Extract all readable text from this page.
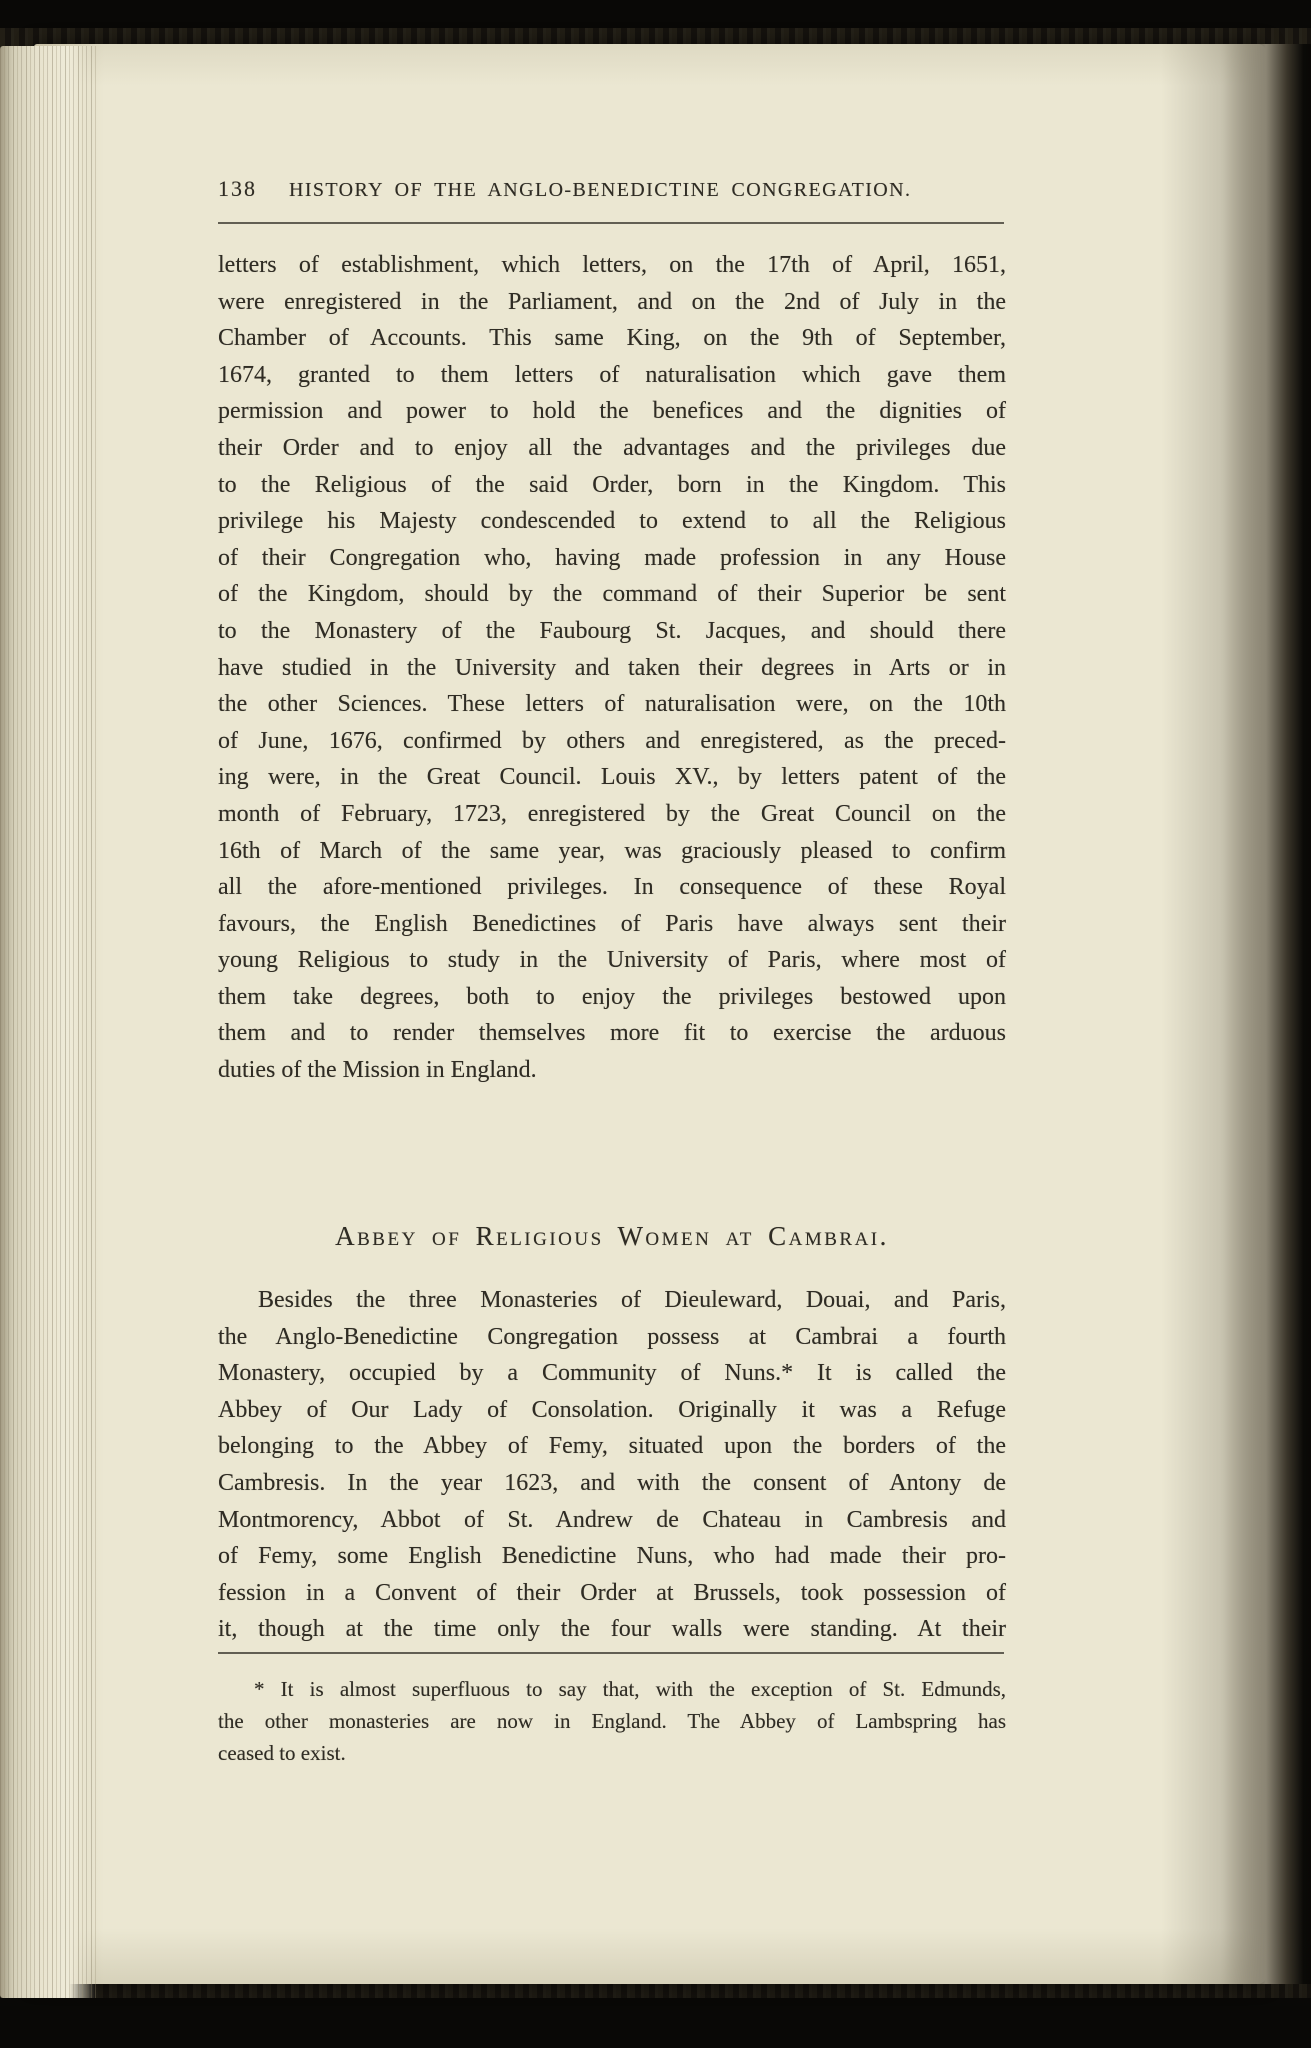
138 HISTORY OF THE ANGLO-BENEDICTINE CONGREGATION.
letters of establishment, which letters, on the 17th of April, 1651,
were enregistered in the Parliament, and on the 2nd of July in the
Chamber of Accounts. This same King, on the 9th of September,
1674, granted to them letters of naturalisation which gave them
permission and power to hold the benefices and the dignities of
their Order and to enjoy all the advantages and the privileges due
to the Religious of the said Order, born in the Kingdom. This
privilege his Majesty condescended to extend to all the Religious
of their Congregation who, having made profession in any House
of the Kingdom, should by the command of their Superior be sent
to the Monastery of the Faubourg St. Jacques, and should there
have studied in the University and taken their degrees in Arts or in
the other Sciences. These letters of naturalisation were, on the 10th
of June, 1676, confirmed by others and enregistered, as the preced-
ing were, in the Great Council. Louis XV., by letters patent of the
month of February, 1723, enregistered by the Great Council on the
16th of March of the same year, was graciously pleased to confirm
all the afore-mentioned privileges. In consequence of these Royal
favours, the English Benedictines of Paris have always sent their
young Religious to study in the University of Paris, where most of
them take degrees, both to enjoy the privileges bestowed upon
them and to render themselves more fit to exercise the arduous
duties of the Mission in England.
Abbey of Religious Women at Cambrai.
Besides the three Monasteries of Dieuleward, Douai, and Paris,
the Anglo-Benedictine Congregation possess at Cambrai a fourth
Monastery, occupied by a Community of Nuns.* It is called the
Abbey of Our Lady of Consolation. Originally it was a Refuge
belonging to the Abbey of Femy, situated upon the borders of the
Cambresis. In the year 1623, and with the consent of Antony de
Montmorency, Abbot of St. Andrew de Chateau in Cambresis and
of Femy, some English Benedictine Nuns, who had made their pro-
fession in a Convent of their Order at Brussels, took possession of
it, though at the time only the four walls were standing. At their
* It is almost superfluous to say that, with the exception of St. Edmunds,
the other monasteries are now in England. The Abbey of Lambspring has
ceased to exist.
